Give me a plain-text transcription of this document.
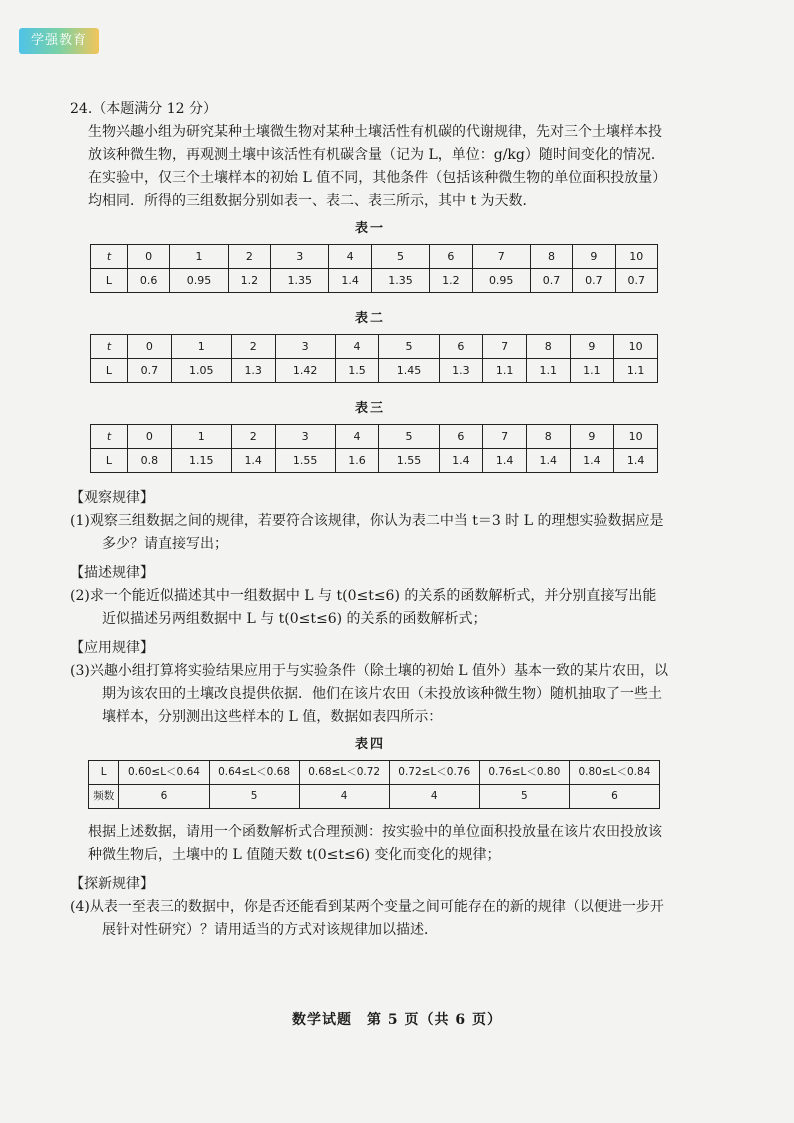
学强教育

24.（本题满分 12 分）

生物兴趣小组为研究某种土壤微生物对某种土壤活性有机碳的代谢规律，先对三个土壤样本投放该种微生物，再观测土壤中该活性有机碳含量（记为 L，单位：g/kg）随时间变化的情况．在实验中，仅三个土壤样本的初始 L 值不同，其他条件（包括该种微生物的单位面积投放量）均相同．所得的三组数据分别如表一、表二、表三所示，其中 t 为天数．

表一
t	0	1	2	3	4	5	6	7	8	9	10
L	0.6	0.95	1.2	1.35	1.4	1.35	1.2	0.95	0.7	0.7	0.7
表二
t	0	1	2	3	4	5	6	7	8	9	10
L	0.7	1.05	1.3	1.42	1.5	1.45	1.3	1.1	1.1	1.1	1.1
表三
t	0	1	2	3	4	5	6	7	8	9	10
L	0.8	1.15	1.4	1.55	1.6	1.55	1.4	1.4	1.4	1.4	1.4

【观察规律】

(1)观察三组数据之间的规律，若要符合该规律，你认为表二中当 t＝3 时 L 的理想实验数据应是多少？请直接写出；

【描述规律】

(2)求一个能近似描述其中一组数据中 L 与 t(0≤t≤6) 的关系的函数解析式，并分别直接写出能近似描述另两组数据中 L 与 t(0≤t≤6) 的关系的函数解析式；

【应用规律】

(3)兴趣小组打算将实验结果应用于与实验条件（除土壤的初始 L 值外）基本一致的某片农田，以期为该农田的土壤改良提供依据．他们在该片农田（未投放该种微生物）随机抽取了一些土壤样本，分别测出这些样本的 L 值，数据如表四所示：

表四
L	0.60≤L＜0.64	0.64≤L＜0.68	0.68≤L＜0.72	0.72≤L＜0.76	0.76≤L＜0.80	0.80≤L＜0.84
频数	6	5	4	4	5	6

根据上述数据，请用一个函数解析式合理预测：按实验中的单位面积投放量在该片农田投放该种微生物后，土壤中的 L 值随天数 t(0≤t≤6) 变化而变化的规律；

【探新规律】

(4)从表一至表三的数据中，你是否还能看到某两个变量之间可能存在的新的规律（以便进一步开展针对性研究）？请用适当的方式对该规律加以描述．

数学试题　第 5 页（共 6 页）
